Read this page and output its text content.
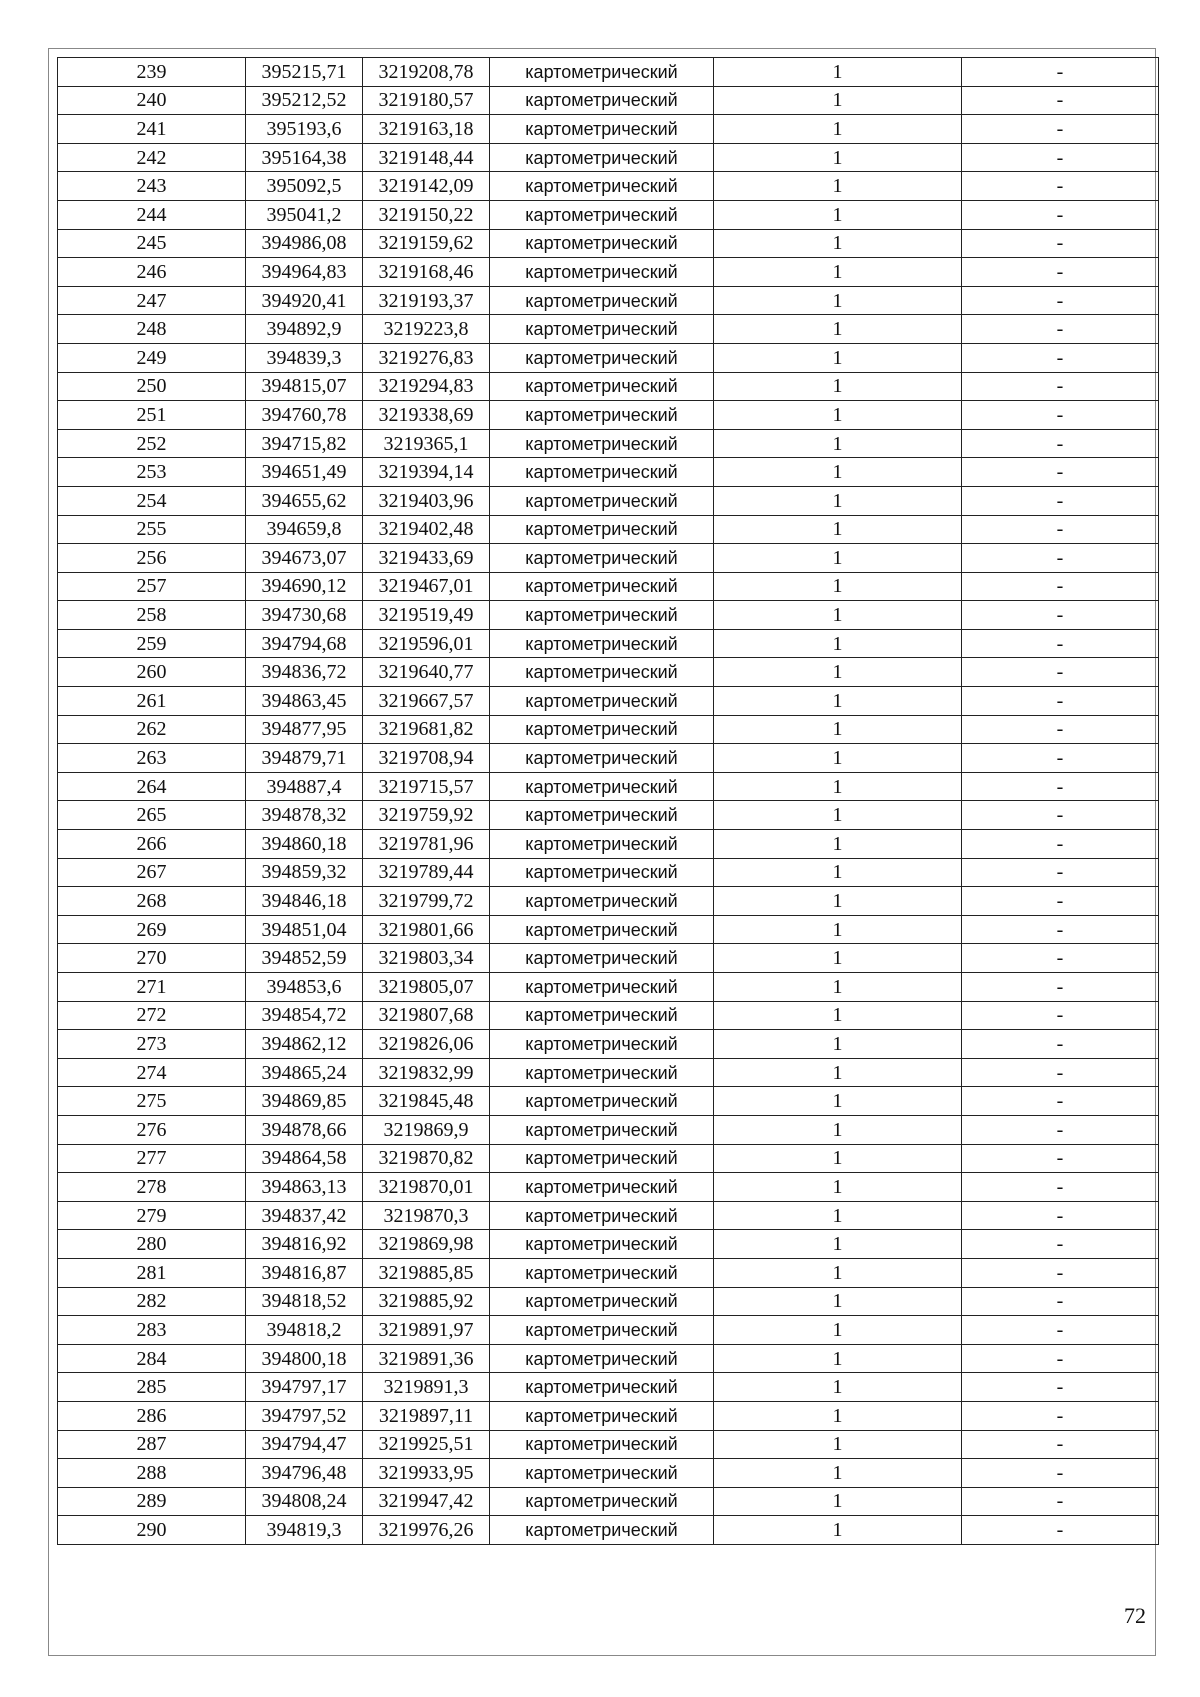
239	395215,71	3219208,78	картометрический	1	-
240	395212,52	3219180,57	картометрический	1	-
241	395193,6	3219163,18	картометрический	1	-
242	395164,38	3219148,44	картометрический	1	-
243	395092,5	3219142,09	картометрический	1	-
244	395041,2	3219150,22	картометрический	1	-
245	394986,08	3219159,62	картометрический	1	-
246	394964,83	3219168,46	картометрический	1	-
247	394920,41	3219193,37	картометрический	1	-
248	394892,9	3219223,8	картометрический	1	-
249	394839,3	3219276,83	картометрический	1	-
250	394815,07	3219294,83	картометрический	1	-
251	394760,78	3219338,69	картометрический	1	-
252	394715,82	3219365,1	картометрический	1	-
253	394651,49	3219394,14	картометрический	1	-
254	394655,62	3219403,96	картометрический	1	-
255	394659,8	3219402,48	картометрический	1	-
256	394673,07	3219433,69	картометрический	1	-
257	394690,12	3219467,01	картометрический	1	-
258	394730,68	3219519,49	картометрический	1	-
259	394794,68	3219596,01	картометрический	1	-
260	394836,72	3219640,77	картометрический	1	-
261	394863,45	3219667,57	картометрический	1	-
262	394877,95	3219681,82	картометрический	1	-
263	394879,71	3219708,94	картометрический	1	-
264	394887,4	3219715,57	картометрический	1	-
265	394878,32	3219759,92	картометрический	1	-
266	394860,18	3219781,96	картометрический	1	-
267	394859,32	3219789,44	картометрический	1	-
268	394846,18	3219799,72	картометрический	1	-
269	394851,04	3219801,66	картометрический	1	-
270	394852,59	3219803,34	картометрический	1	-
271	394853,6	3219805,07	картометрический	1	-
272	394854,72	3219807,68	картометрический	1	-
273	394862,12	3219826,06	картометрический	1	-
274	394865,24	3219832,99	картометрический	1	-
275	394869,85	3219845,48	картометрический	1	-
276	394878,66	3219869,9	картометрический	1	-
277	394864,58	3219870,82	картометрический	1	-
278	394863,13	3219870,01	картометрический	1	-
279	394837,42	3219870,3	картометрический	1	-
280	394816,92	3219869,98	картометрический	1	-
281	394816,87	3219885,85	картометрический	1	-
282	394818,52	3219885,92	картометрический	1	-
283	394818,2	3219891,97	картометрический	1	-
284	394800,18	3219891,36	картометрический	1	-
285	394797,17	3219891,3	картометрический	1	-
286	394797,52	3219897,11	картометрический	1	-
287	394794,47	3219925,51	картометрический	1	-
288	394796,48	3219933,95	картометрический	1	-
289	394808,24	3219947,42	картометрический	1	-
290	394819,3	3219976,26	картометрический	1	-
72
